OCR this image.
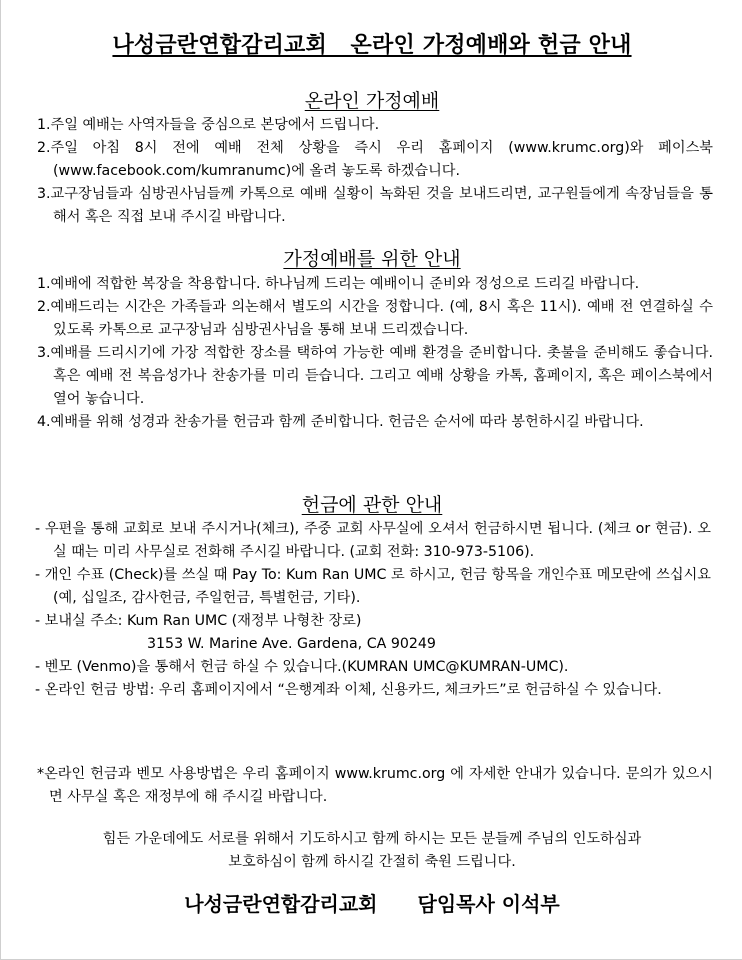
나성금란연합감리교회   온라인 가정예배와 헌금 안내
온라인 가정예배
1.주일 예배는 사역자들을 중심으로 본당에서 드립니다.
2.주일 아침 8시 전에 예배 전체 상황을 즉시 우리 홈페이지 (www.krumc.org)와 페이스북(www.facebook.com/kumranumc)에 올려 놓도록 하겠습니다.
3.교구장님들과 심방권사님들께 카톡으로 예배 실황이 녹화된 것을 보내드리면, 교구원들에게 속장님들을 통해서 혹은 직접 보내 주시길 바랍니다.
가정예배를 위한 안내
1.예배에 적합한 복장을 착용합니다. 하나님께 드리는 예배이니 준비와 정성으로 드리길 바랍니다.
2.예배드리는 시간은 가족들과 의논해서 별도의 시간을 정합니다. (예, 8시 혹은 11시). 예배 전 연결하실 수 있도록 카톡으로 교구장님과 심방권사님을 통해 보내 드리겠습니다.
3.예배를 드리시기에 가장 적합한 장소를 택하여 가능한 예배 환경을 준비합니다. 촛불을 준비해도 좋습니다. 혹은 예배 전 복음성가나 찬송가를 미리 듣습니다. 그리고 예배 상황을 카톡, 홈페이지, 혹은 페이스북에서 열어 놓습니다.
4.예배를 위해 성경과 찬송가를 헌금과 함께 준비합니다. 헌금은 순서에 따라 봉헌하시길 바랍니다.
헌금에 관한 안내
- 우편을 통해 교회로 보내 주시거나(체크), 주중 교회 사무실에 오셔서 헌금하시면 됩니다. (체크 or 현금). 오실 때는 미리 사무실로 전화해 주시길 바랍니다. (교회 전화: 310-973-5106).
- 개인 수표 (Check)를 쓰실 때 Pay To: Kum Ran UMC 로 하시고, 헌금 항목을 개인수표 메모란에 쓰십시요 (예, 십일조, 감사헌금, 주일헌금, 특별헌금, 기타).
- 보내실 주소: Kum Ran UMC (재정부 나형찬 장로)
3153 W. Marine Ave. Gardena, CA 90249
- 벤모 (Venmo)을 통해서 헌금 하실 수 있습니다.(KUMRAN UMC@KUMRAN-UMC).
- 온라인 헌금 방법: 우리 홈페이지에서 “은행계좌 이체, 신용카드, 체크카드”로 헌금하실 수 있습니다.
*온라인 헌금과 벤모 사용방법은 우리 홈페이지 www.krumc.org 에 자세한 안내가 있습니다. 문의가 있으시면 사무실 혹은 재정부에 해 주시길 바랍니다.
힘든 가운데에도 서로를 위해서 기도하시고 함께 하시는 모든 분들께 주님의 인도하심과
보호하심이 함께 하시길 간절히 축원 드립니다.
나성금란연합감리교회 담임목사 이석부
